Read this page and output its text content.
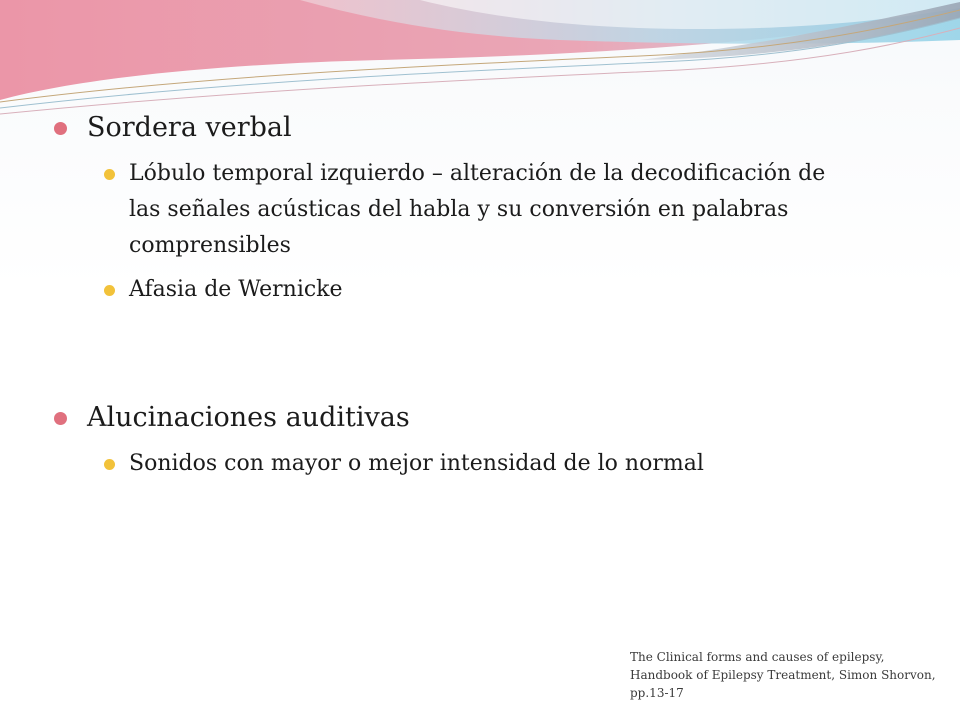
Sordera verbal
Lóbulo temporal izquierdo – alteración de la decodificación de las señales acústicas del habla y su conversión en palabras comprensibles
Afasia de Wernicke
Alucinaciones auditivas
Sonidos con mayor o mejor intensidad de lo normal
The Clinical forms and causes of epilepsy, Handbook of Epilepsy Treatment, Simon Shorvon, pp.13-17
